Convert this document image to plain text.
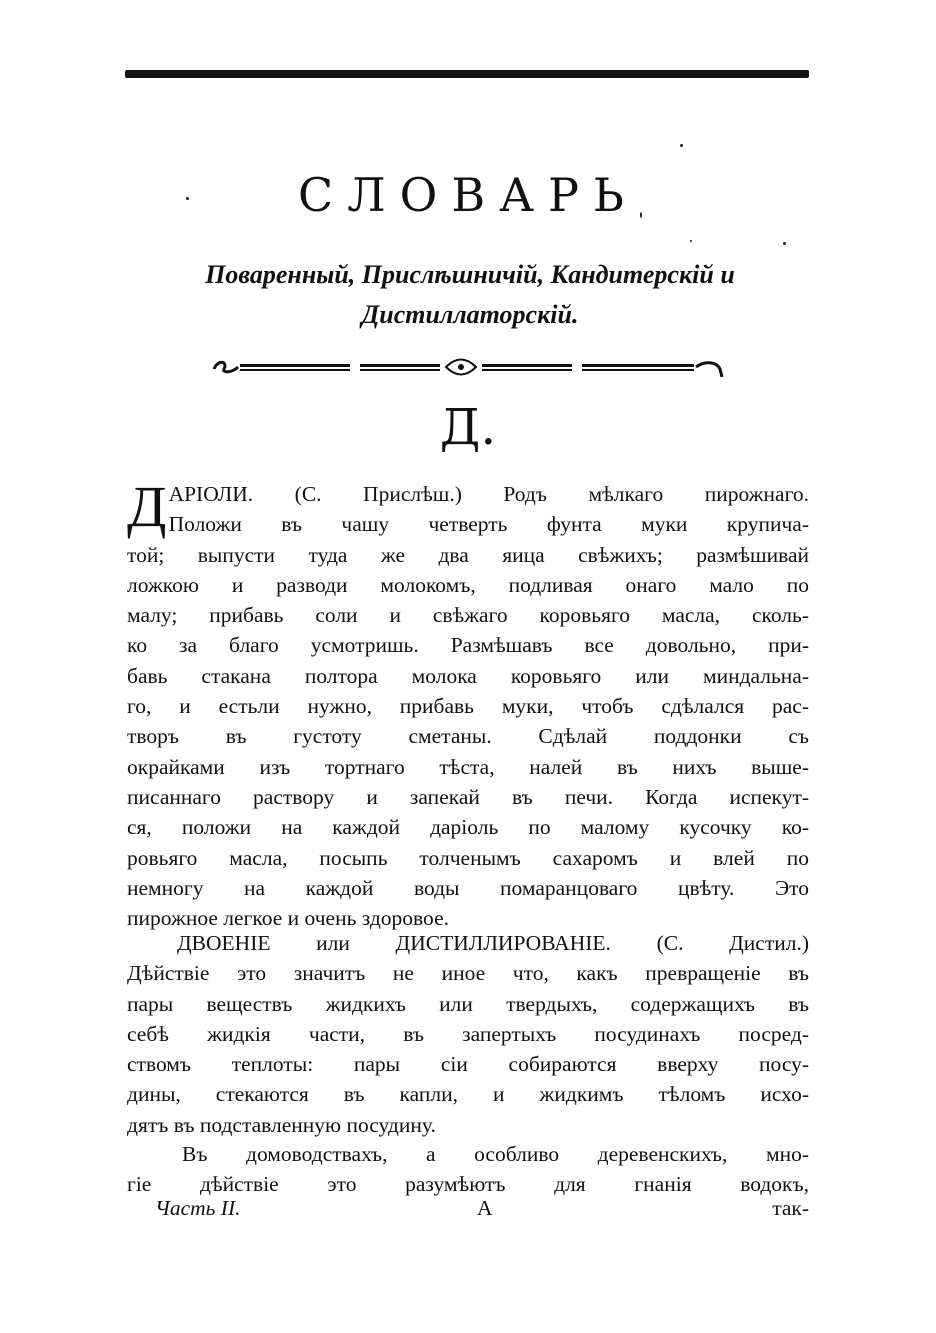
СЛОВАРЬ
Поваренный, Прислѣшничій, Кандитерскій и
Дистиллаторскій.
Д.
Д АРІОЛИ. (С. Прислѣш.) Родъ мѣлкаго пирожнаго.
Положи въ чашу четверть фунта муки крупича-
той; выпусти туда же два яица свѣжихъ; размѣшивай
ложкою и разводи молокомъ, подливая онаго мало по
малу; прибавь соли и свѣжаго коровьяго масла, сколь-
ко за благо усмотришь. Размѣшавъ все довольно, при-
бавь стакана полтора молока коровьяго или миндальна-
го, и естьли нужно, прибавь муки, чтобъ сдѣлался рас-
творъ въ густоту сметаны. Сдѣлай поддонки съ
окрайками изъ тортнаго тѣста, налей въ нихъ выше-
писаннаго раствору и запекай въ печи. Когда испекут-
ся, положи на каждой даріоль по малому кусочку ко-
ровьяго масла, посыпь толченымъ сахаромъ и влей по
немногу на каждой воды помаранцоваго цвѣту. Это
пирожное легкое и очень здоровое.
ДВОЕНІЕ или ДИСТИЛЛИРОВАНІЕ. (С. Дистил.)
Дѣйствіе это значитъ не иное что, какъ превращеніе въ
пары веществъ жидкихъ или твердыхъ, содержащихъ въ
себѣ жидкія части, въ запертыхъ посудинахъ посред-
ствомъ теплоты: пары сіи собираются вверху посу-
дины, стекаются въ капли, и жидкимъ тѣломъ исхо-
дятъ въ подставленную посудину.
Въ домоводствахъ, а особливо деревенскихъ, мно-
гіе дѣйствіе это разумѣютъ для гнанія водокъ,
Часть II.	А	так-
